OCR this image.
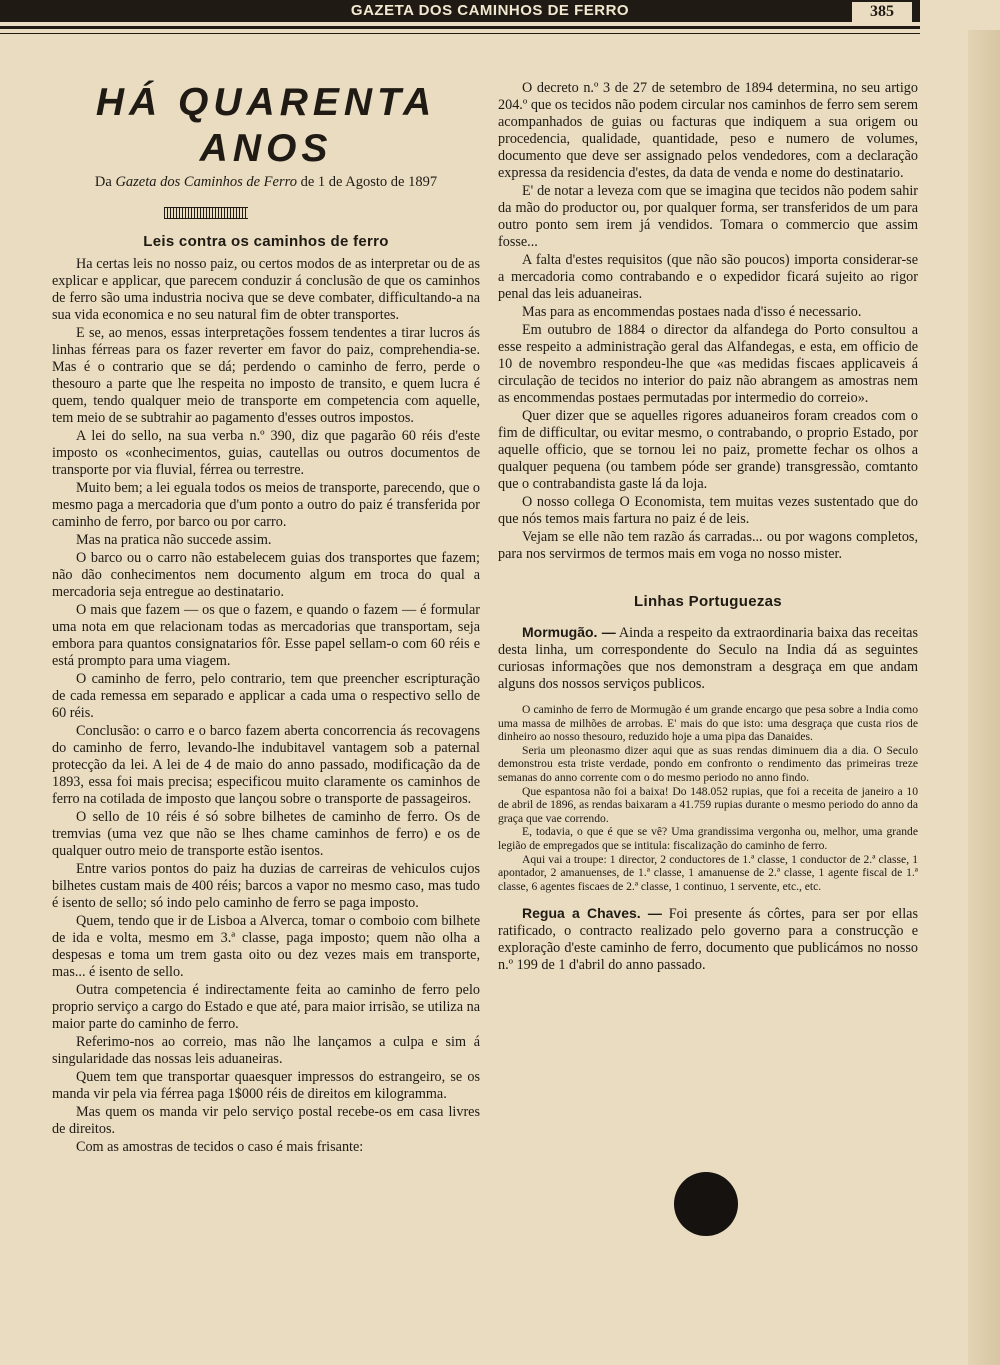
GAZETA DOS CAMINHOS DE FERRO	385
HÁ QUARENTA ANOS
Da Gazeta dos Caminhos de Ferro de 1 de Agosto de 1897
Leis contra os caminhos de ferro

Ha certas leis no nosso paiz, ou certos modos de as interpretar ou de as explicar e applicar, que parecem conduzir á conclusão de que os caminhos de ferro são uma industria nociva que se deve combater, difficultando-a na sua vida economica e no seu natural fim de obter transportes.

E se, ao menos, essas interpretações fossem tendentes a tirar lucros ás linhas férreas para os fazer reverter em favor do paiz, comprehendia-se. Mas é o contrario que se dá; perdendo o caminho de ferro, perde o thesouro a parte que lhe respeita no imposto de transito, e quem lucra é quem, tendo qualquer meio de transporte em competencia com aquelle, tem meio de se subtrahir ao pagamento d'esses outros impostos.

A lei do sello, na sua verba n.º 390, diz que pagarão 60 réis d'este imposto os «conhecimentos, guias, cautellas ou outros documentos de transporte por via fluvial, férrea ou terrestre.

Muito bem; a lei eguala todos os meios de transporte, parecendo, que o mesmo paga a mercadoria que d'um ponto a outro do paiz é transferida por caminho de ferro, por barco ou por carro.

Mas na pratica não succede assim.

O barco ou o carro não estabelecem guias dos transportes que fazem; não dão conhecimentos nem documento algum em troca do qual a mercadoria seja entregue ao destinatario.

O mais que fazem — os que o fazem, e quando o fazem — é formular uma nota em que relacionam todas as mercadorias que transportam, seja embora para quantos consignatarios fôr. Esse papel sellam-o com 60 réis e está prompto para uma viagem.

O caminho de ferro, pelo contrario, tem que preencher escripturação de cada remessa em separado e applicar a cada uma o respectivo sello de 60 réis.

Conclusão: o carro e o barco fazem aberta concorrencia ás recovagens do caminho de ferro, levando-lhe indubitavel vantagem sob a paternal protecção da lei. A lei de 4 de maio do anno passado, modificação da de 1893, essa foi mais precisa; especificou muito claramente os caminhos de ferro na cotilada de imposto que lançou sobre o transporte de passageiros.

O sello de 10 réis é só sobre bilhetes de caminho de ferro. Os de tremvias (uma vez que não se lhes chame caminhos de ferro) e os de qualquer outro meio de transporte estão isentos.

Entre varios pontos do paiz ha duzias de carreiras de vehiculos cujos bilhetes custam mais de 400 réis; barcos a vapor no mesmo caso, mas tudo é isento de sello; só indo pelo caminho de ferro se paga imposto.

Quem, tendo que ir de Lisboa a Alverca, tomar o comboio com bilhete de ida e volta, mesmo em 3.ª classe, paga imposto; quem não olha a despesas e toma um trem gasta oito ou dez vezes mais em transporte, mas... é isento de sello.

Outra competencia é indirectamente feita ao caminho de ferro pelo proprio serviço a cargo do Estado e que até, para maior irrisão, se utiliza na maior parte do caminho de ferro.

Referimo-nos ao correio, mas não lhe lançamos a culpa e sim á singularidade das nossas leis aduaneiras.

Quem tem que transportar quaesquer impressos do estrangeiro, se os manda vir pela via férrea paga 1$000 réis de direitos em kilogramma.

Mas quem os manda vir pelo serviço postal recebe-os em casa livres de direitos.

Com as amostras de tecidos o caso é mais frisante:

O decreto n.º 3 de 27 de setembro de 1894 determina, no seu artigo 204.º que os tecidos não podem circular nos caminhos de ferro sem serem acompanhados de guias ou facturas que indiquem a sua origem ou procedencia, qualidade, quantidade, peso e numero de volumes, documento que deve ser assignado pelos vendedores, com a declaração expressa da residencia d'estes, da data de venda e nome do destinatario.

E' de notar a leveza com que se imagina que tecidos não podem sahir da mão do productor ou, por qualquer forma, ser transferidos de um para outro ponto sem irem já vendidos. Tomara o commercio que assim fosse...

A falta d'estes requisitos (que não são poucos) importa considerar-se a mercadoria como contrabando e o expedidor ficará sujeito ao rigor penal das leis aduaneiras.

Mas para as encommendas postaes nada d'isso é necessario.

Em outubro de 1884 o director da alfandega do Porto consultou a esse respeito a administração geral das Alfandegas, e esta, em officio de 10 de novembro respondeu-lhe que «as medidas fiscaes applicaveis á circulação de tecidos no interior do paiz não abrangem as amostras nem as encommendas postaes permutadas por intermedio do correio».

Quer dizer que se aquelles rigores aduaneiros foram creados com o fim de difficultar, ou evitar mesmo, o contrabando, o proprio Estado, por aquelle officio, que se tornou lei no paiz, promette fechar os olhos a qualquer pequena (ou tambem póde ser grande) transgressão, comtanto que o contrabandista gaste lá da loja.

O nosso collega O Economista, tem muitas vezes sustentado que do que nós temos mais fartura no paiz é de leis.

Vejam se elle não tem razão ás carradas... ou por wagons completos, para nos servirmos de termos mais em voga no nosso mister.

Linhas Portuguezas

Mormugão. — Ainda a respeito da extraordinaria baixa das receitas desta linha, um correspondente do Seculo na India dá as seguintes curiosas informações que nos demonstram a desgraça em que andam alguns dos nossos serviços publicos.

O caminho de ferro de Mormugão é um grande encargo que pesa sobre a India como uma massa de milhões de arrobas. E' mais do que isto: uma desgraça que custa rios de dinheiro ao nosso thesouro, reduzido hoje a uma pipa das Danaides.

Seria um pleonasmo dizer aqui que as suas rendas diminuem dia a dia. O Seculo demonstrou esta triste verdade, pondo em confronto o rendimento das primeiras treze semanas do anno corrente com o do mesmo periodo no anno findo.

Que espantosa não foi a baixa! Do 148.052 rupias, que foi a receita de janeiro a 10 de abril de 1896, as rendas baixaram a 41.759 rupias durante o mesmo periodo do anno da graça que vae correndo.

E, todavia, o que é que se vê? Uma grandissima vergonha ou, melhor, uma grande legião de empregados que se intitula: fiscalização do caminho de ferro.

Aqui vai a troupe: 1 director, 2 conductores de 1.ª classe, 1 conductor de 2.ª classe, 1 apontador, 2 amanuenses, de 1.ª classe, 1 amanuense de 2.ª classe, 1 agente fiscal de 1.ª classe, 6 agentes fiscaes de 2.ª classe, 1 continuo, 1 servente, etc., etc.

Regua a Chaves. — Foi presente ás côrtes, para ser por ellas ratificado, o contracto realizado pelo governo para a construcção e exploração d'este caminho de ferro, documento que publicámos no nosso n.º 199 de 1 d'abril do anno passado.
